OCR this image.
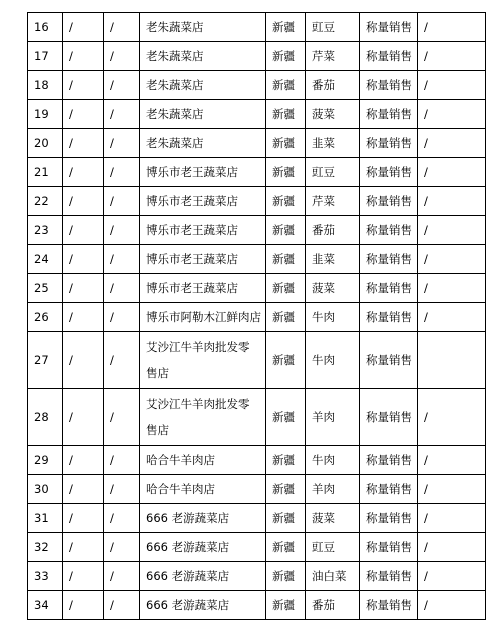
16	/	/	老朱蔬菜店	新疆	豇豆	称量销售	/
17	/	/	老朱蔬菜店	新疆	芹菜	称量销售	/
18	/	/	老朱蔬菜店	新疆	番茄	称量销售	/
19	/	/	老朱蔬菜店	新疆	菠菜	称量销售	/
20	/	/	老朱蔬菜店	新疆	韭菜	称量销售	/
21	/	/	博乐市老王蔬菜店	新疆	豇豆	称量销售	/
22	/	/	博乐市老王蔬菜店	新疆	芹菜	称量销售	/
23	/	/	博乐市老王蔬菜店	新疆	番茄	称量销售	/
24	/	/	博乐市老王蔬菜店	新疆	韭菜	称量销售	/
25	/	/	博乐市老王蔬菜店	新疆	菠菜	称量销售	/
26	/	/	博乐市阿勒木江鲜肉店	新疆	牛肉	称量销售	/
27	/	/	艾沙江牛羊肉批发零售店	新疆	牛肉	称量销售	
28	/	/	艾沙江牛羊肉批发零售店	新疆	羊肉	称量销售	/
29	/	/	哈合牛羊肉店	新疆	牛肉	称量销售	/
30	/	/	哈合牛羊肉店	新疆	羊肉	称量销售	/
31	/	/	666 老游蔬菜店	新疆	菠菜	称量销售	/
32	/	/	666 老游蔬菜店	新疆	豇豆	称量销售	/
33	/	/	666 老游蔬菜店	新疆	油白菜	称量销售	/
34	/	/	666 老游蔬菜店	新疆	番茄	称量销售	/
